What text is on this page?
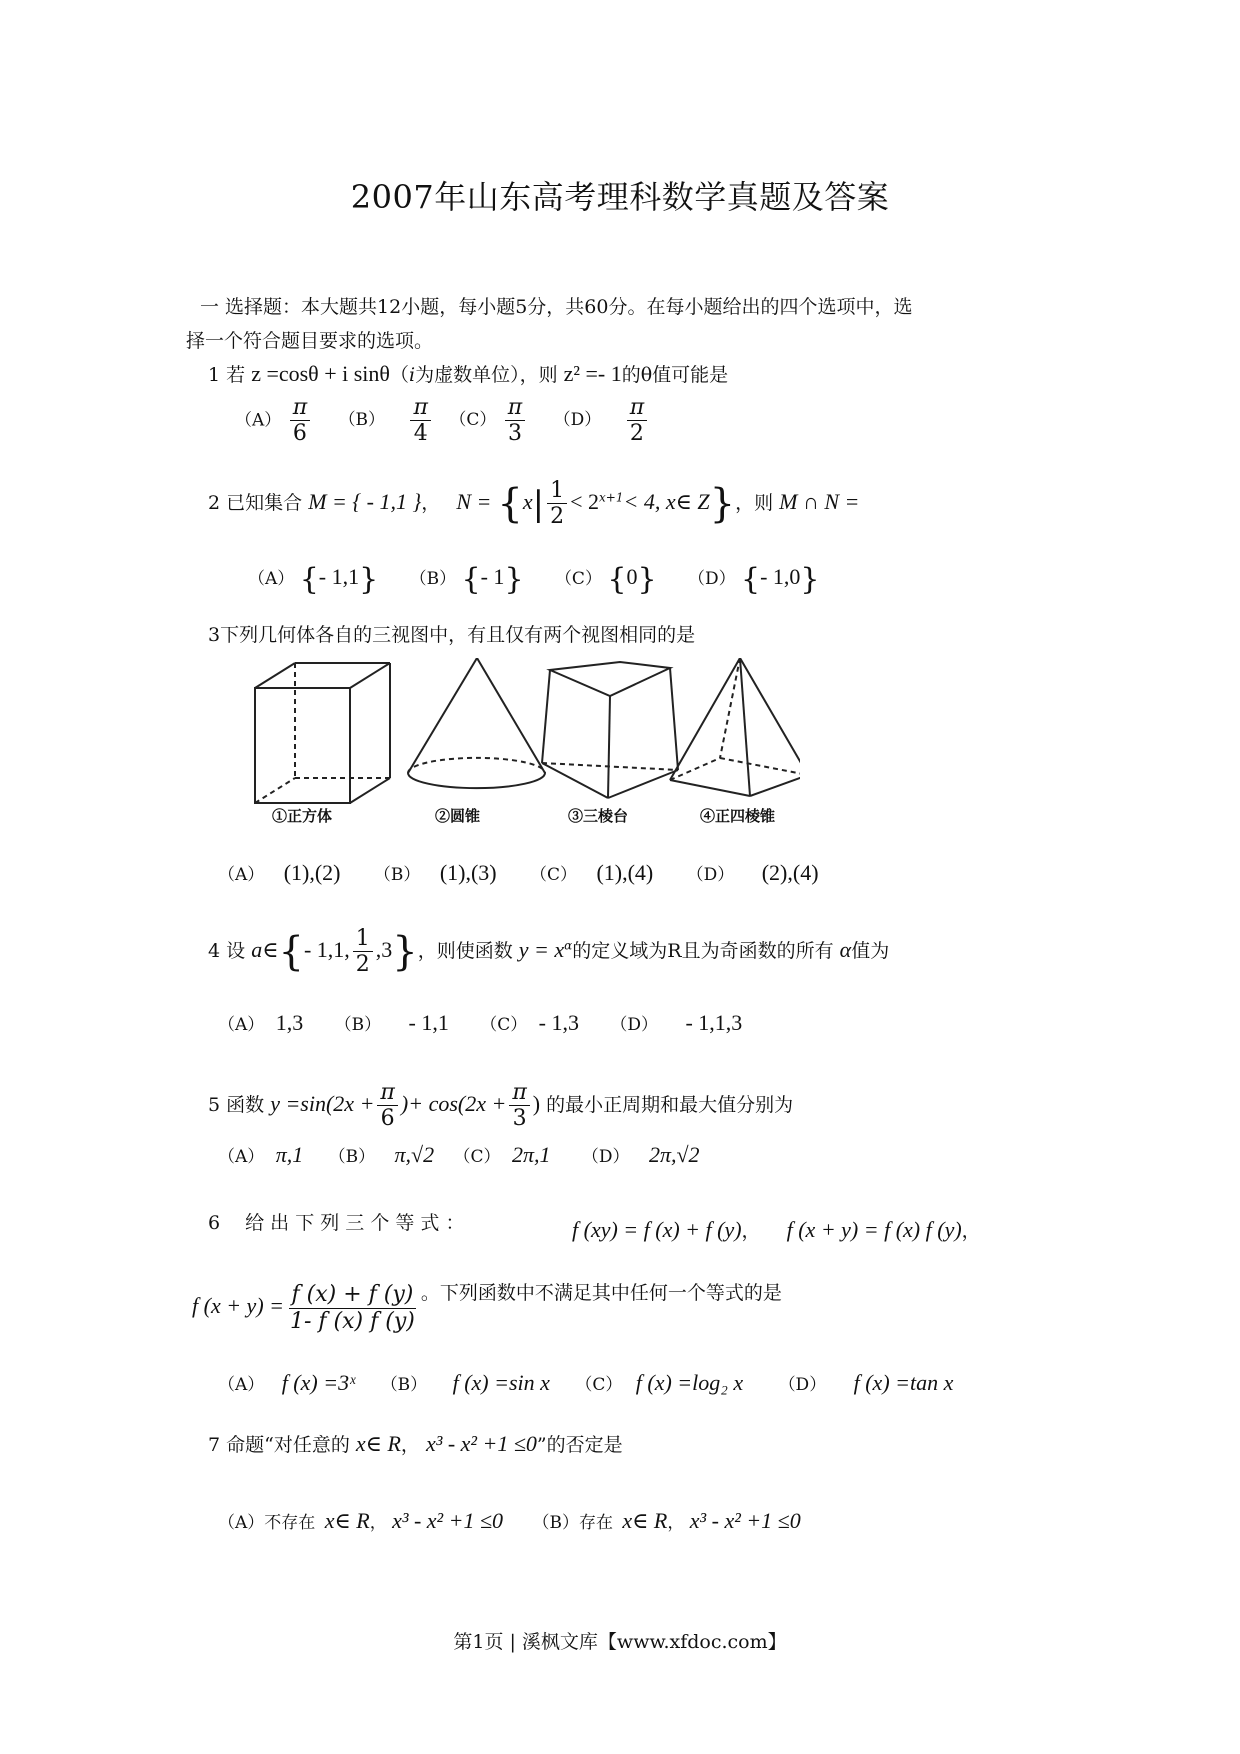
2007年山东高考理科数学真题及答案
一 选择题：本大题共12小题，每小题5分，共60分。在每小题给出的四个选项中，选
择一个符合题目要求的选项。
1 若 z =cosθ + i sinθ（i为虚数单位），则 z² =- 1的θ值可能是
$(A) \frac{\pi}{6} (B) \frac{\pi}{4} (C) \frac{\pi}{3} (D) \frac{\pi}{2}$
2 已知集合 M = { - 1,1 }， $N = \{x| \frac{1}{2} < 2^{x+1}< 4$, x∈ Z}，则 M ∩ N =
（A） {- 1,1} （B） {- 1} （C） {0} （D） {- 1,0}
3下列几何体各自的三视图中，有且仅有两个视图相同的是
①正方体	②圆锥	③三棱台	④正四棱锥
（A） (1),(2) （B） (1),(3) （C） (1),(4) （D） (2),(4)
4 设 a∈{- 1,1, $\frac{1}{2} ,3$}，则使函数 $y = x^\alpha$的定义域为R且为奇函数的所有 α值为
（A） 1,3 （B） - 1,1 （C） - 1,3 （D） - 1,1,3
5 函数 $y =\sin(2x + \frac{\pi}{6}$ )+ $\cos(2x + \frac{\pi}{3}$ ) 的最小正周期和最大值分别为
（A） π,1 （B） π,√2 （C） 2π,1 （D） 2π,√2
6　 给 出 下 列 三 个 等 式 ：	f (xy) = f (x) + f (y)， f (x + y) = f (x) f (y)，
f $(x + y) = \frac{f (x) + f (y)}{1- f (x) f (y)}$ 。下列函数中不满足其中任何一个等式的是
（A） f (x) =3ˣ （B） f (x) =sin x （C） f (x) =log₂ x （D） f (x) =tan x
7 命题“对任意的 x∈ R， x³ - x² +1 ≤0”的否定是
（A）不存在 x∈ R， x³ - x² +1 ≤0 （B）存在 x∈ R， x³ - x² +1 ≤0
第1页 | 溪枫文库【www.xfdoc.com】
